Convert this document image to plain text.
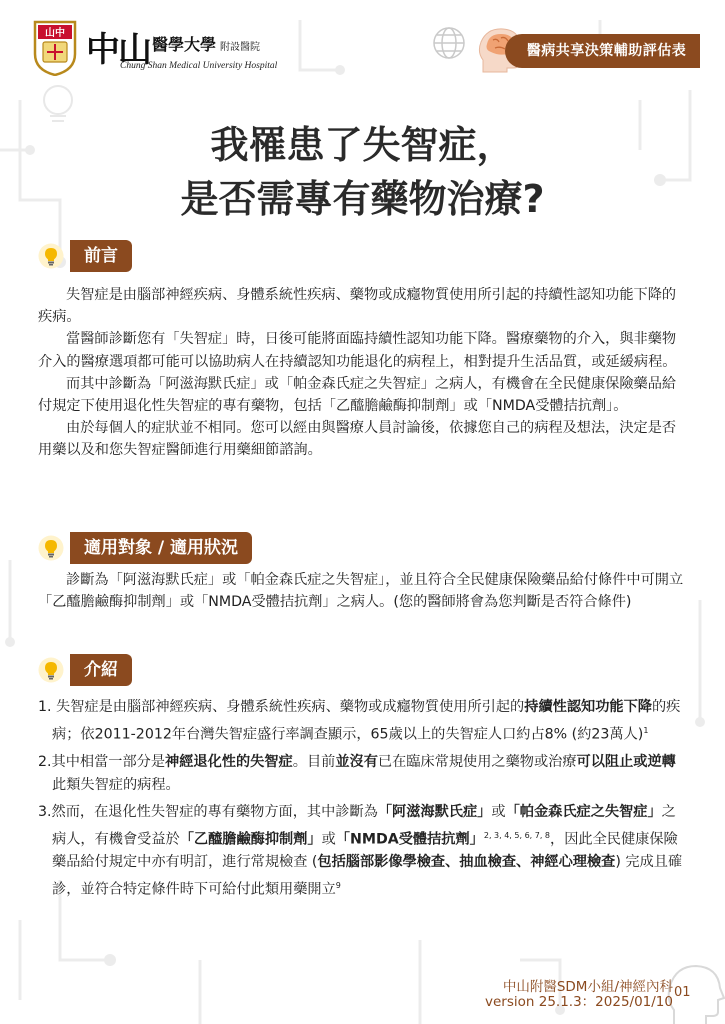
山中 中山 醫學大學 附設醫院
Chung Shan Medical University Hospital
醫病共享決策輔助評估表
我罹患了失智症，
是否需專有藥物治療?
前言

失智症是由腦部神經疾病、身體系統性疾病、藥物或成癮物質使用所引起的持續性認知功能下降的疾病。

當醫師診斷您有「失智症」時，日後可能將面臨持續性認知功能下降。醫療藥物的介入，與非藥物介入的醫療選項都可能可以協助病人在持續認知功能退化的病程上，相對提升生活品質，或延緩病程。

而其中診斷為「阿滋海默氏症」或「帕金森氏症之失智症」之病人，有機會在全民健康保險藥品給付規定下使用退化性失智症的專有藥物，包括「乙醯膽鹼酶抑制劑」或「NMDA受體拮抗劑」。

由於每個人的症狀並不相同。您可以經由與醫療人員討論後，依據您自己的病程及想法，決定是否用藥以及和您失智症醫師進行用藥細節諮詢。

適用對象 / 適用狀況

診斷為「阿滋海默氏症」或「帕金森氏症之失智症」，並且符合全民健康保險藥品給付條件中可開立「乙醯膽鹼酶抑制劑」或「NMDA受體拮抗劑」之病人。(您的醫師將會為您判斷是否符合條件)

介紹

1. 失智症是由腦部神經疾病、身體系統性疾病、藥物或成癮物質使用所引起的持續性認知功能下降的疾病；依2011-2012年台灣失智症盛行率調查顯示，65歲以上的失智症人口約占8% (約23萬人)$^1$

2.其中相當一部分是神經退化性的失智症。目前並沒有已在臨床常規使用之藥物或治療可以阻止或逆轉此類失智症的病程。

3.然而，在退化性失智症的專有藥物方面，其中診斷為「阿滋海默氏症」或「帕金森氏症之失智症」之病人，有機會受益於「乙醯膽鹼酶抑制劑」或「NMDA受體拮抗劑」$^{2, 3, 4, 5, 6, 7, 8}$，因此全民健康保險藥品給付規定中亦有明訂，進行常規檢查 (包括腦部影像學檢查、抽血檢查、神經心理檢查) 完成且確診，並符合特定條件時下可給付此類用藥開立$^9$

中山附醫SDM小組/神經內科
version 25.1.3：2025/01/10
01
